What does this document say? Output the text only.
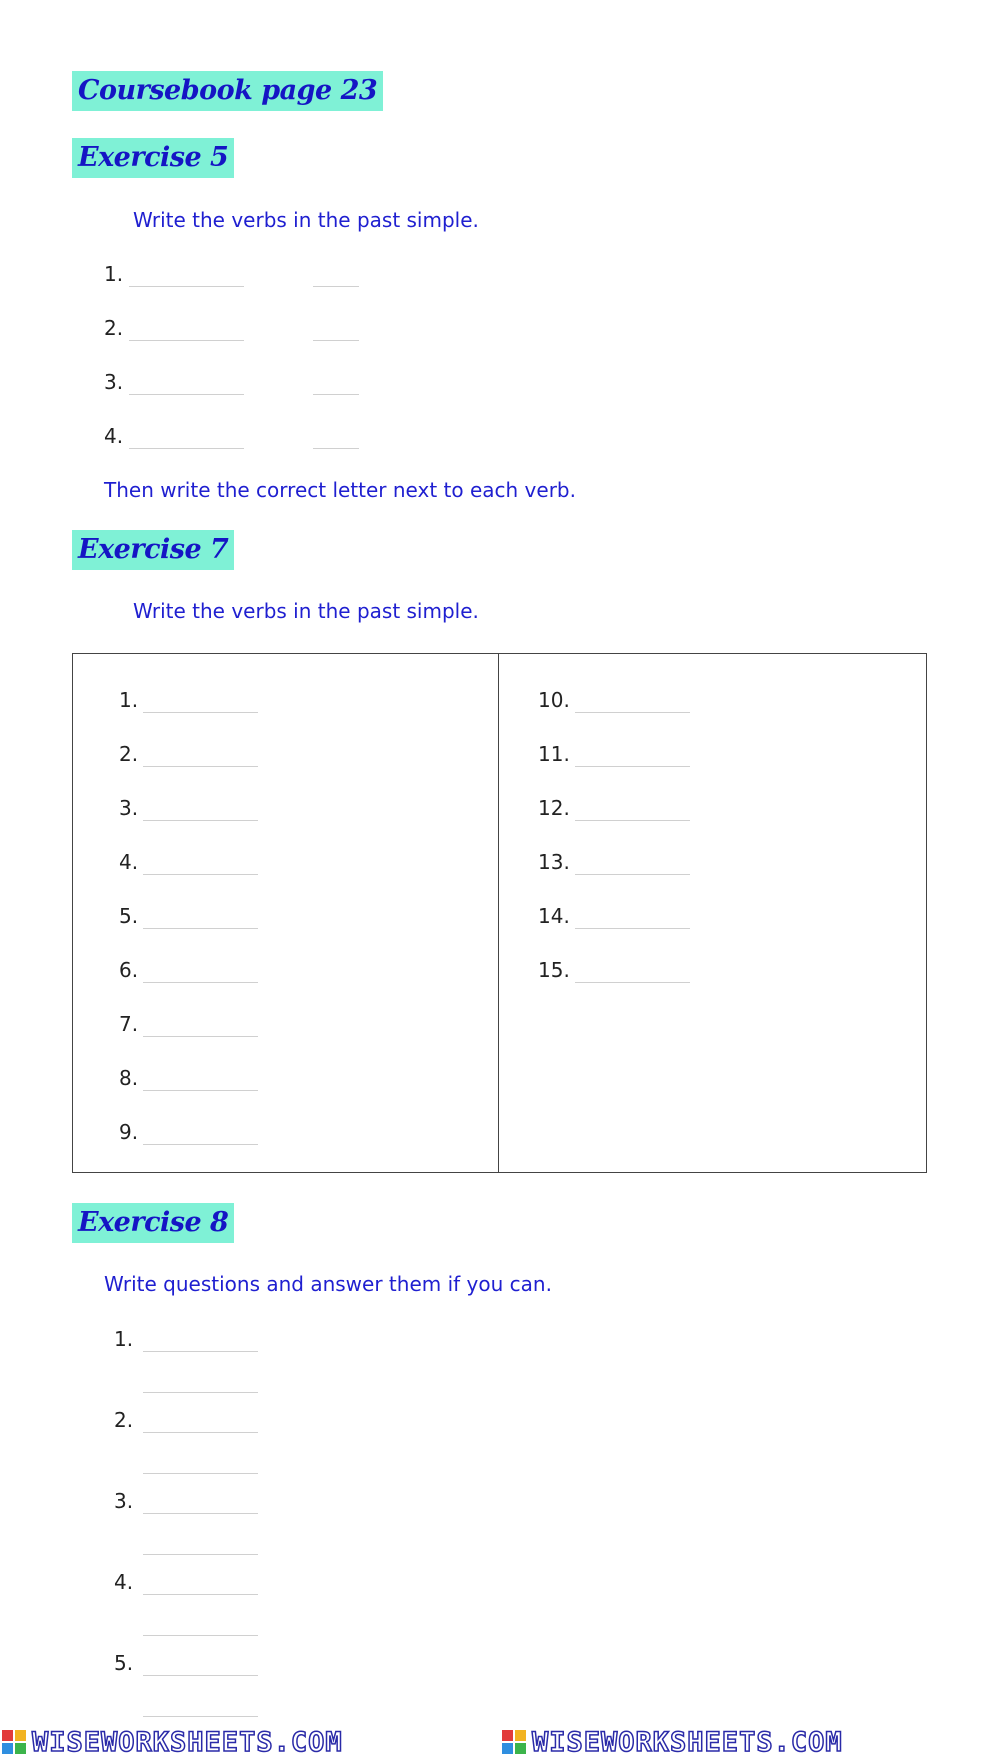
Coursebook page 23
Exercise 5
Write the verbs in the past simple.
1.
2.
3.
4.
Then write the correct letter next to each verb.
Exercise 7
Write the verbs in the past simple.
1.
2.
3.
4.
5.
6.
7.
8.
9.
10.
11.
12.
13.
14.
15.
Exercise 8
Write questions and answer them if you can.
1.
2.
3.
4.
5.
WISEWORKSHEETS.COM	WISEWORKSHEETS.COM
